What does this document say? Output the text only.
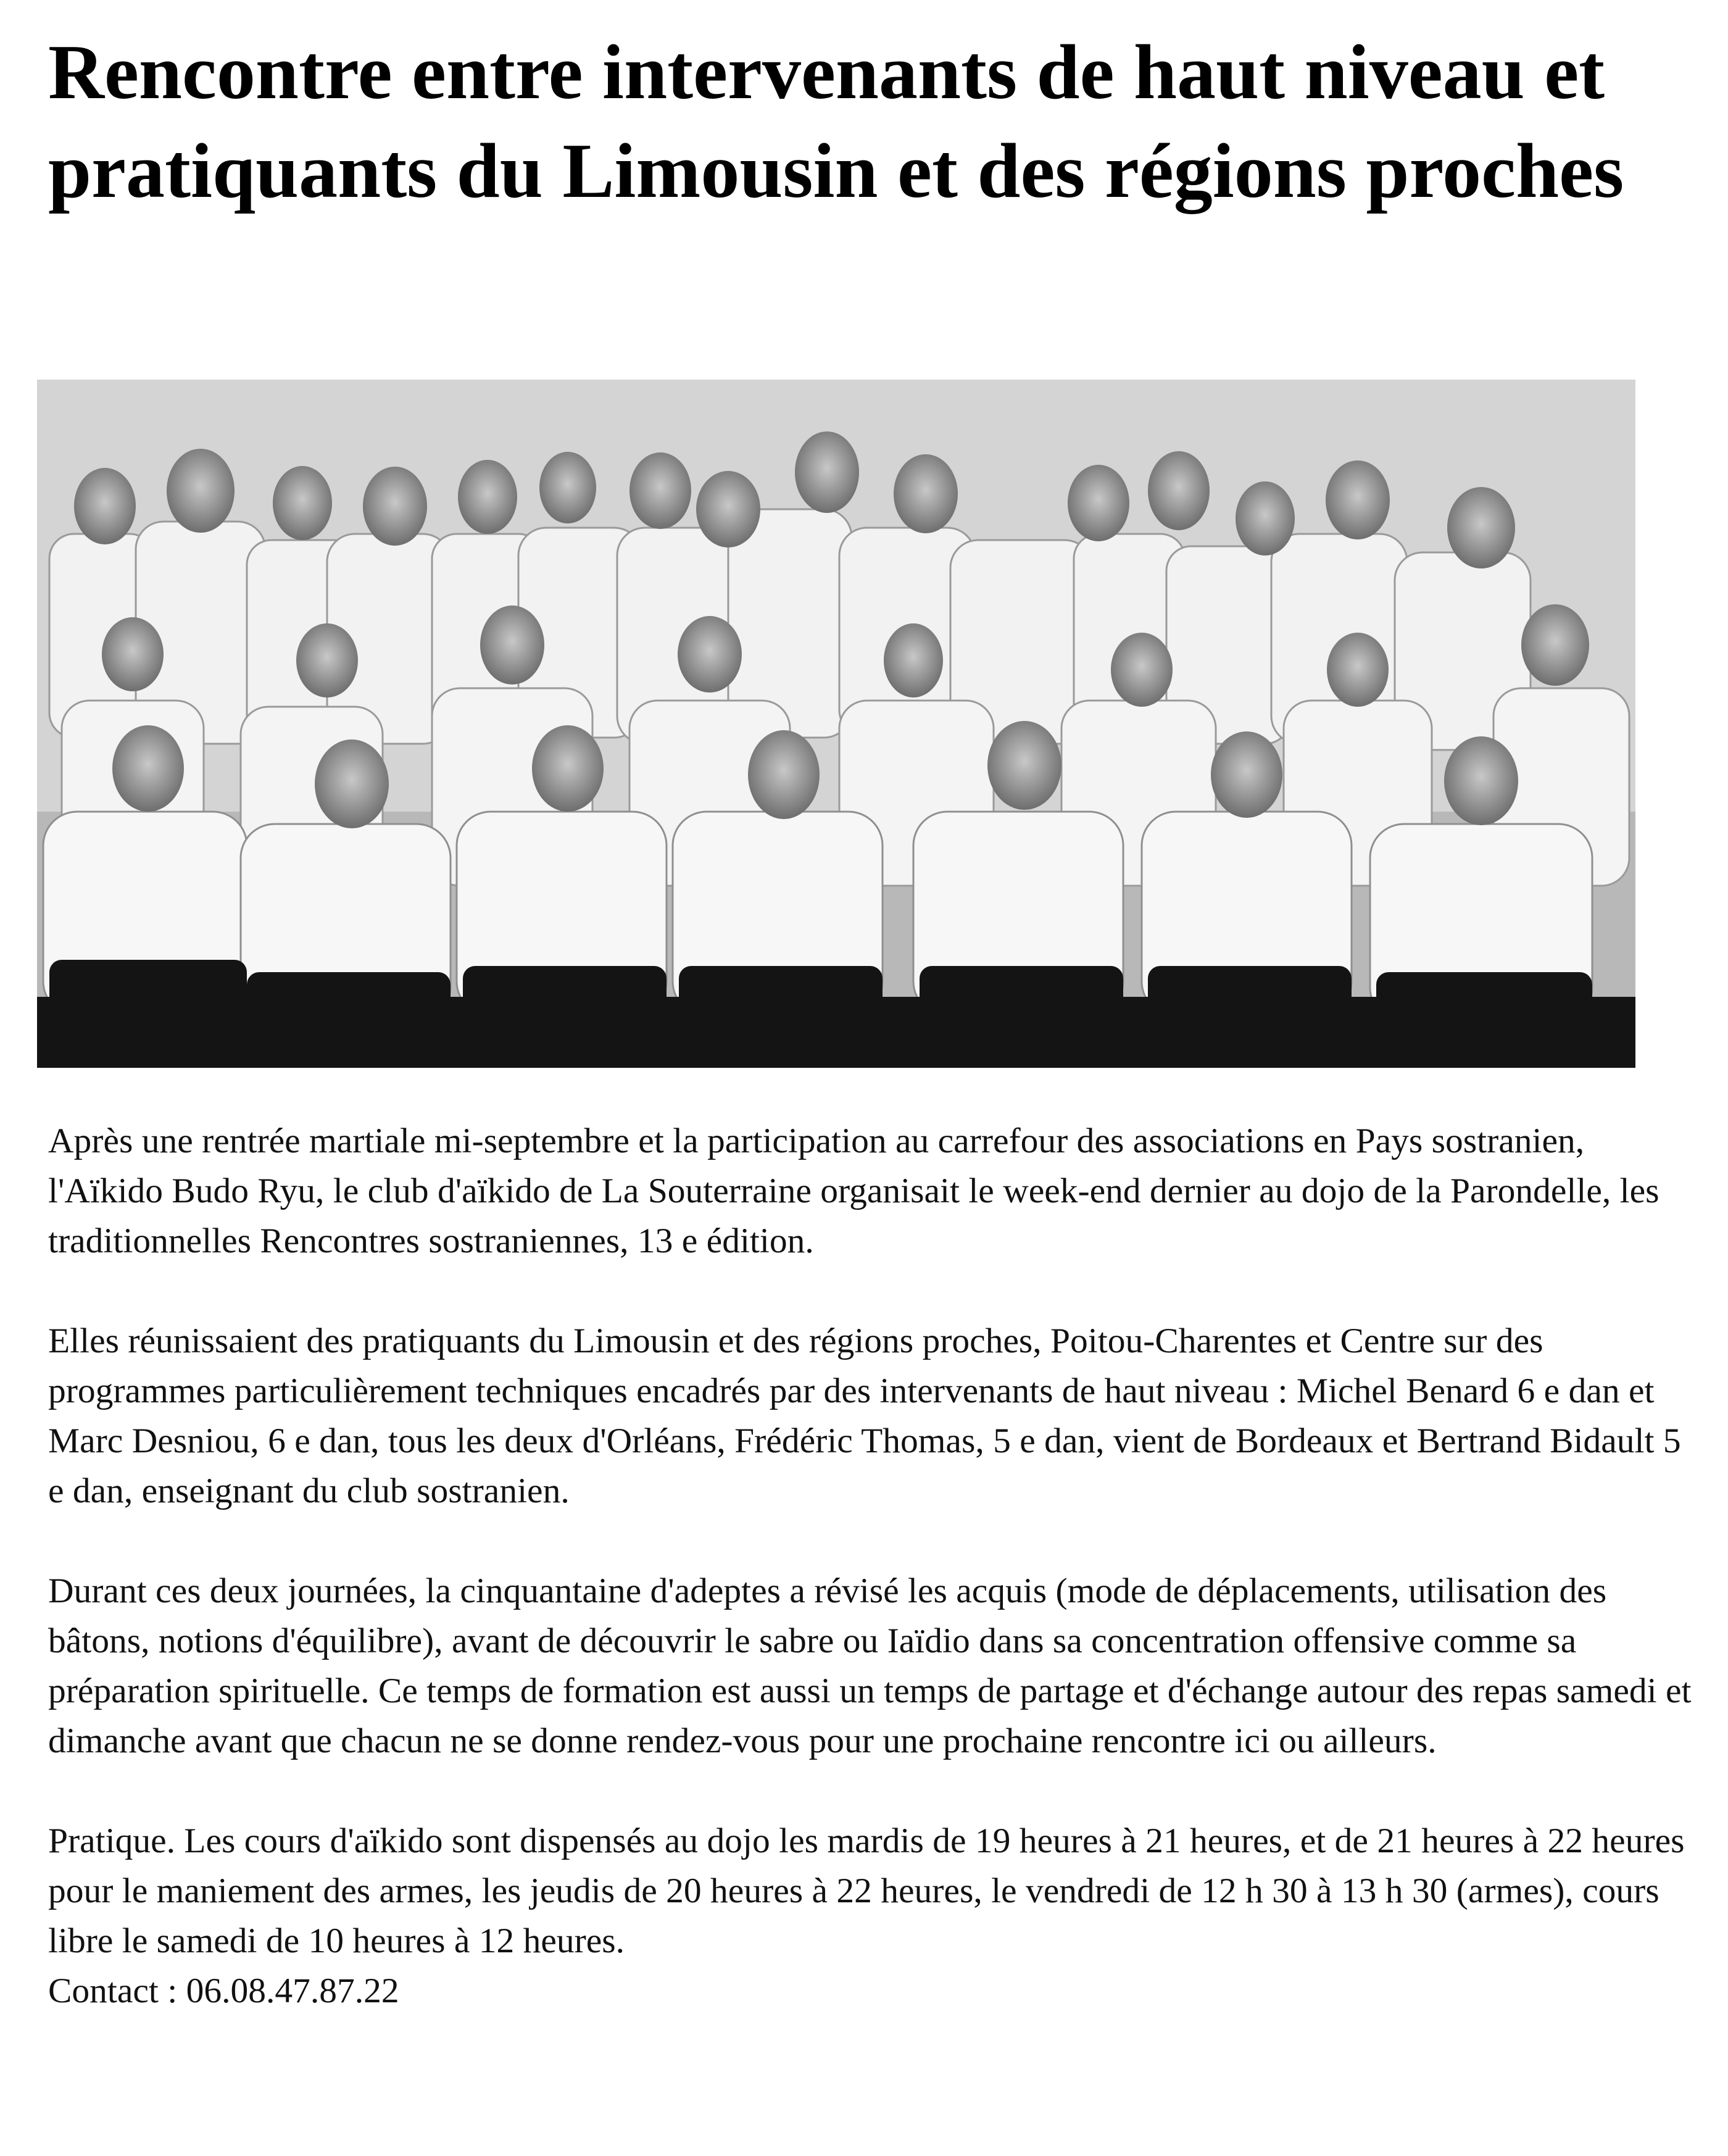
Rencontre entre intervenants de haut niveau et pratiquants du Limousin et des régions proches

Après une rentrée martiale mi-septembre et la participation au carrefour des associations en Pays sostranien, l'Aïkido Budo Ryu, le club d'aïkido de La Souterraine organisait le week-end dernier au dojo de la Parondelle, les traditionnelles Rencontres sostraniennes, 13 e édition.

Elles réunissaient des pratiquants du Limousin et des régions proches, Poitou-Charentes et Centre sur des programmes particulièrement techniques encadrés par des intervenants de haut niveau : Michel Benard 6 e dan et Marc Desniou, 6 e dan, tous les deux d'Orléans, Frédéric Thomas, 5 e dan, vient de Bordeaux et Bertrand Bidault 5 e dan, enseignant du club sostranien.

Durant ces deux journées, la cinquantaine d'adeptes a révisé les acquis (mode de déplacements, utilisation des bâtons, notions d'équilibre), avant de découvrir le sabre ou Iaïdio dans sa concentration offensive comme sa préparation spirituelle. Ce temps de formation est aussi un temps de partage et d'échange autour des repas samedi et dimanche avant que chacun ne se donne rendez-vous pour une prochaine rencontre ici ou ailleurs.

Pratique. Les cours d'aïkido sont dispensés au dojo les mardis de 19 heures à 21 heures, et de 21 heures à 22 heures pour le maniement des armes, les jeudis de 20 heures à 22 heures, le vendredi de 12 h 30 à 13 h 30 (armes), cours libre le samedi de 10 heures à 12 heures.
Contact : 06.08.47.87.22
